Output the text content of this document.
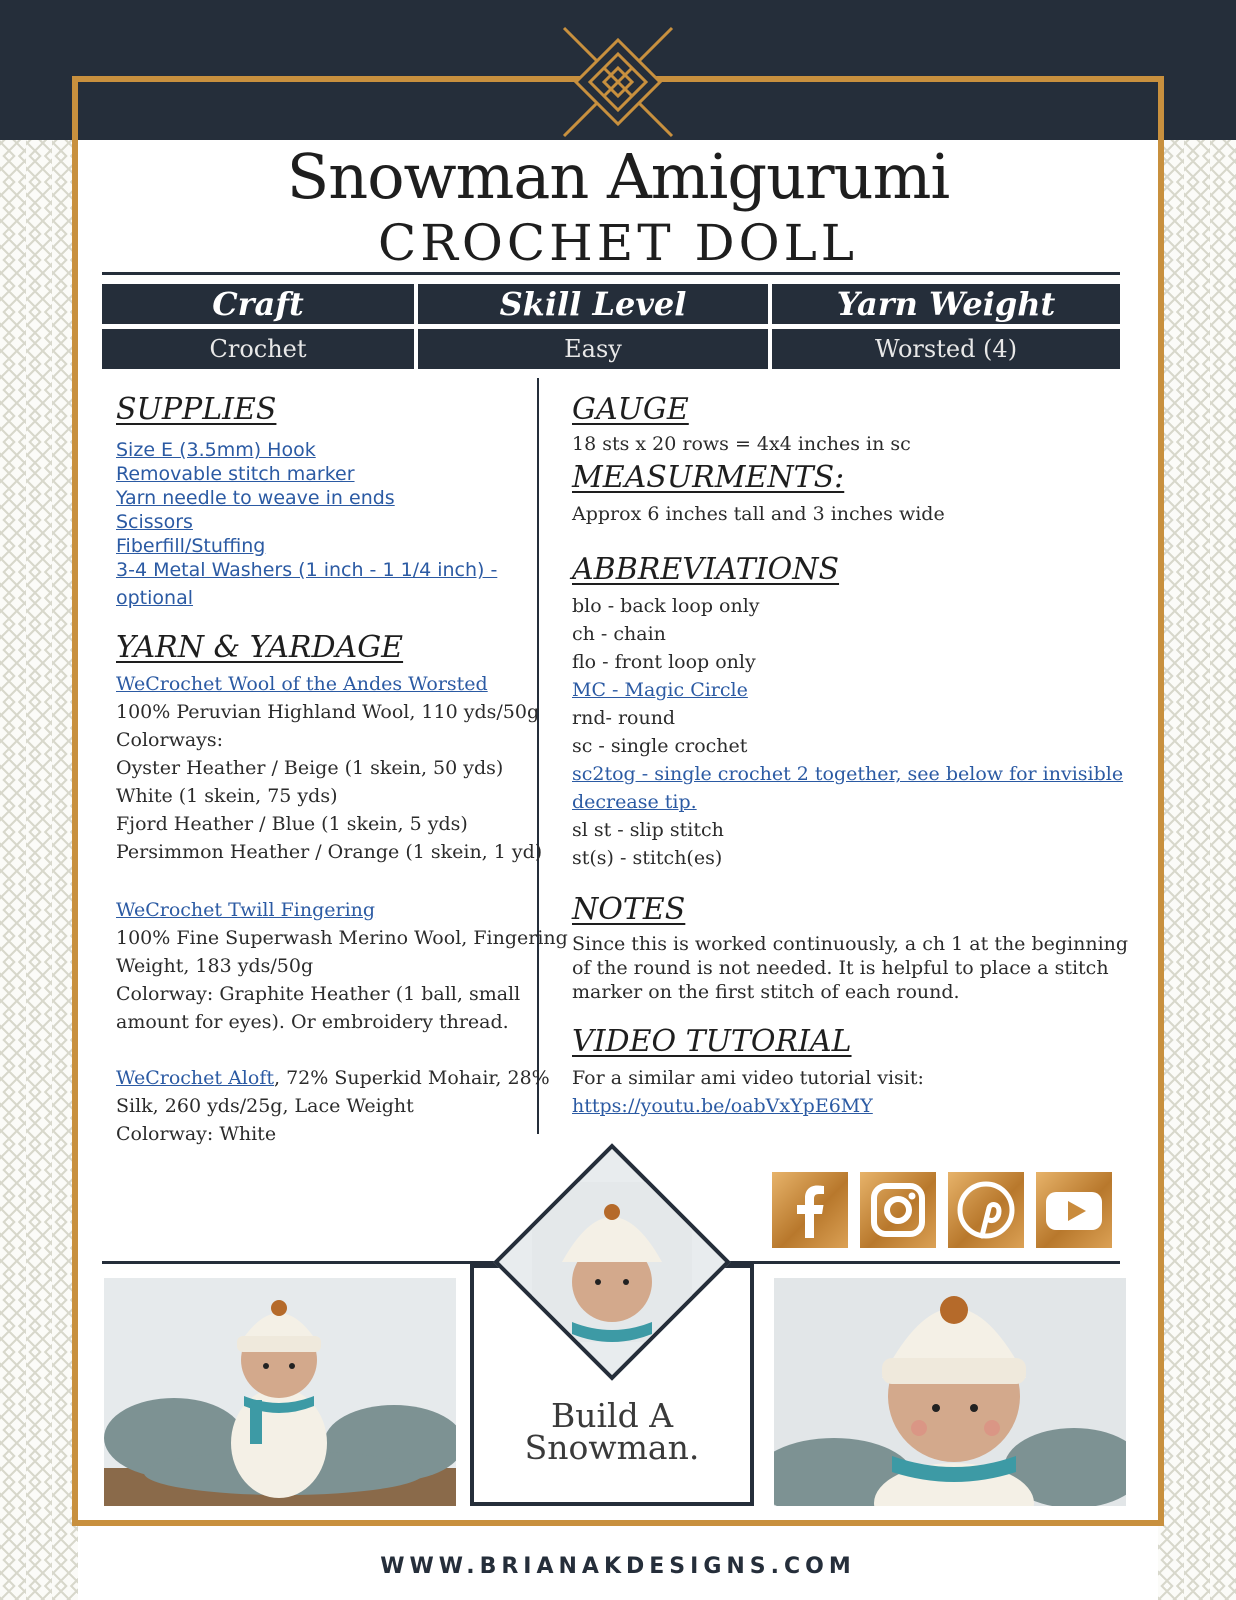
Snowman Amigurumi
CROCHET DOLL
Craft	Skill Level	Yarn Weight
Crochet	Easy	Worsted (4)
SUPPLIES
Size E (3.5mm) Hook
Removable stitch marker
Yarn needle to weave in ends
Scissors
Fiberfill/Stuffing
3-4 Metal Washers (1 inch - 1 1/4 inch) -
optional
YARN & YARDAGE
WeCrochet Wool of the Andes Worsted
100% Peruvian Highland Wool, 110 yds/50g
Colorways:
Oyster Heather / Beige (1 skein, 50 yds)
White (1 skein, 75 yds)
Fjord Heather / Blue (1 skein, 5 yds)
Persimmon Heather / Orange (1 skein, 1 yd)
WeCrochet Twill Fingering
100% Fine Superwash Merino Wool, Fingering
Weight, 183 yds/50g
Colorway: Graphite Heather (1 ball, small
amount for eyes). Or embroidery thread.
WeCrochet Aloft, 72% Superkid Mohair, 28%
Silk, 260 yds/25g, Lace Weight
Colorway: White
GAUGE
18 sts x 20 rows = 4x4 inches in sc
MEASURMENTS:
Approx 6 inches tall and 3 inches wide
ABBREVIATIONS
blo - back loop only
ch - chain
flo - front loop only
MC - Magic Circle
rnd- round
sc - single crochet
sc2tog - single crochet 2 together, see below for invisible
decrease tip.
sl st - slip stitch
st(s) - stitch(es)
NOTES
Since this is worked continuously, a ch 1 at the beginning
of the round is not needed. It is helpful to place a stitch
marker on the first stitch of each round.
VIDEO TUTORIAL
For a similar ami video tutorial visit:
https://youtu.be/oabVxYpE6MY
Build A
Snowman.
WWW.BRIANAKDESIGNS.COM
